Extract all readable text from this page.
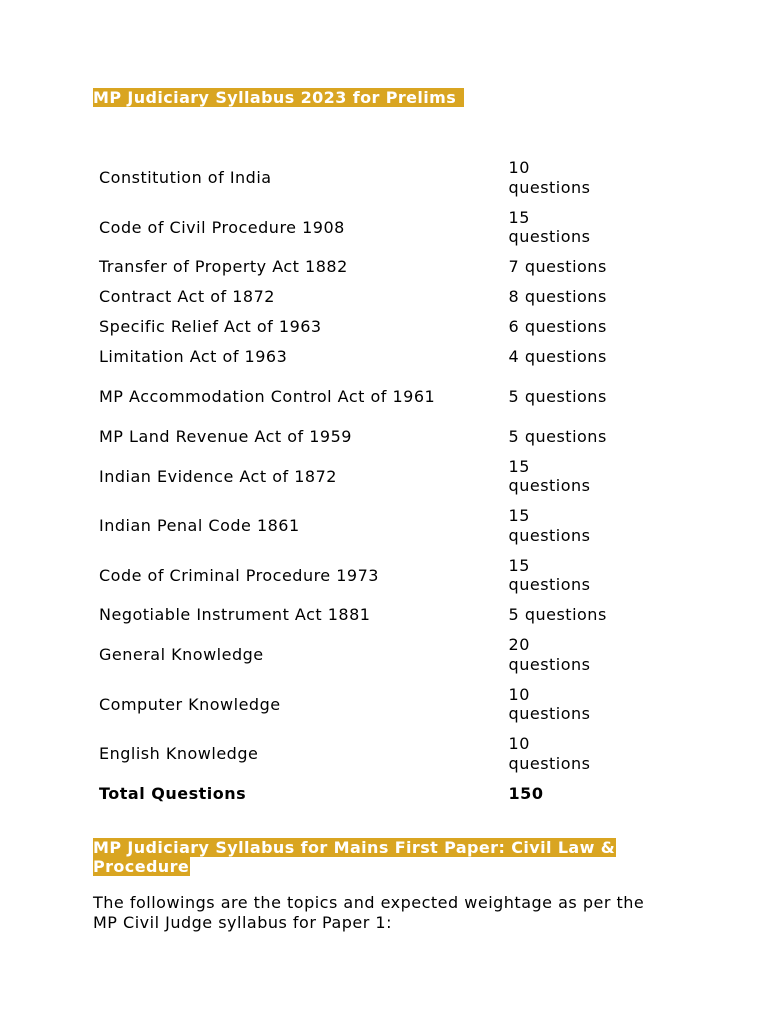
MP Judiciary Syllabus 2023 for Prelims
Constitution of India	10 questions
Code of Civil Procedure 1908	15 questions
Transfer of Property Act 1882	7 questions
Contract Act of 1872	8 questions
Specific Relief Act of 1963	6 questions
Limitation Act of 1963	4 questions
MP Accommodation Control Act of 1961	5 questions
MP Land Revenue Act of 1959	5 questions
Indian Evidence Act of 1872	15 questions
Indian Penal Code 1861	15 questions
Code of Criminal Procedure 1973	15 questions
Negotiable Instrument Act 1881	5 questions
General Knowledge	20 questions
Computer Knowledge	10 questions
English Knowledge	10 questions
Total Questions	150
MP Judiciary Syllabus for Mains First Paper: Civil Law & Procedure

The followings are the topics and expected weightage as per the MP Civil Judge syllabus for Paper 1:
